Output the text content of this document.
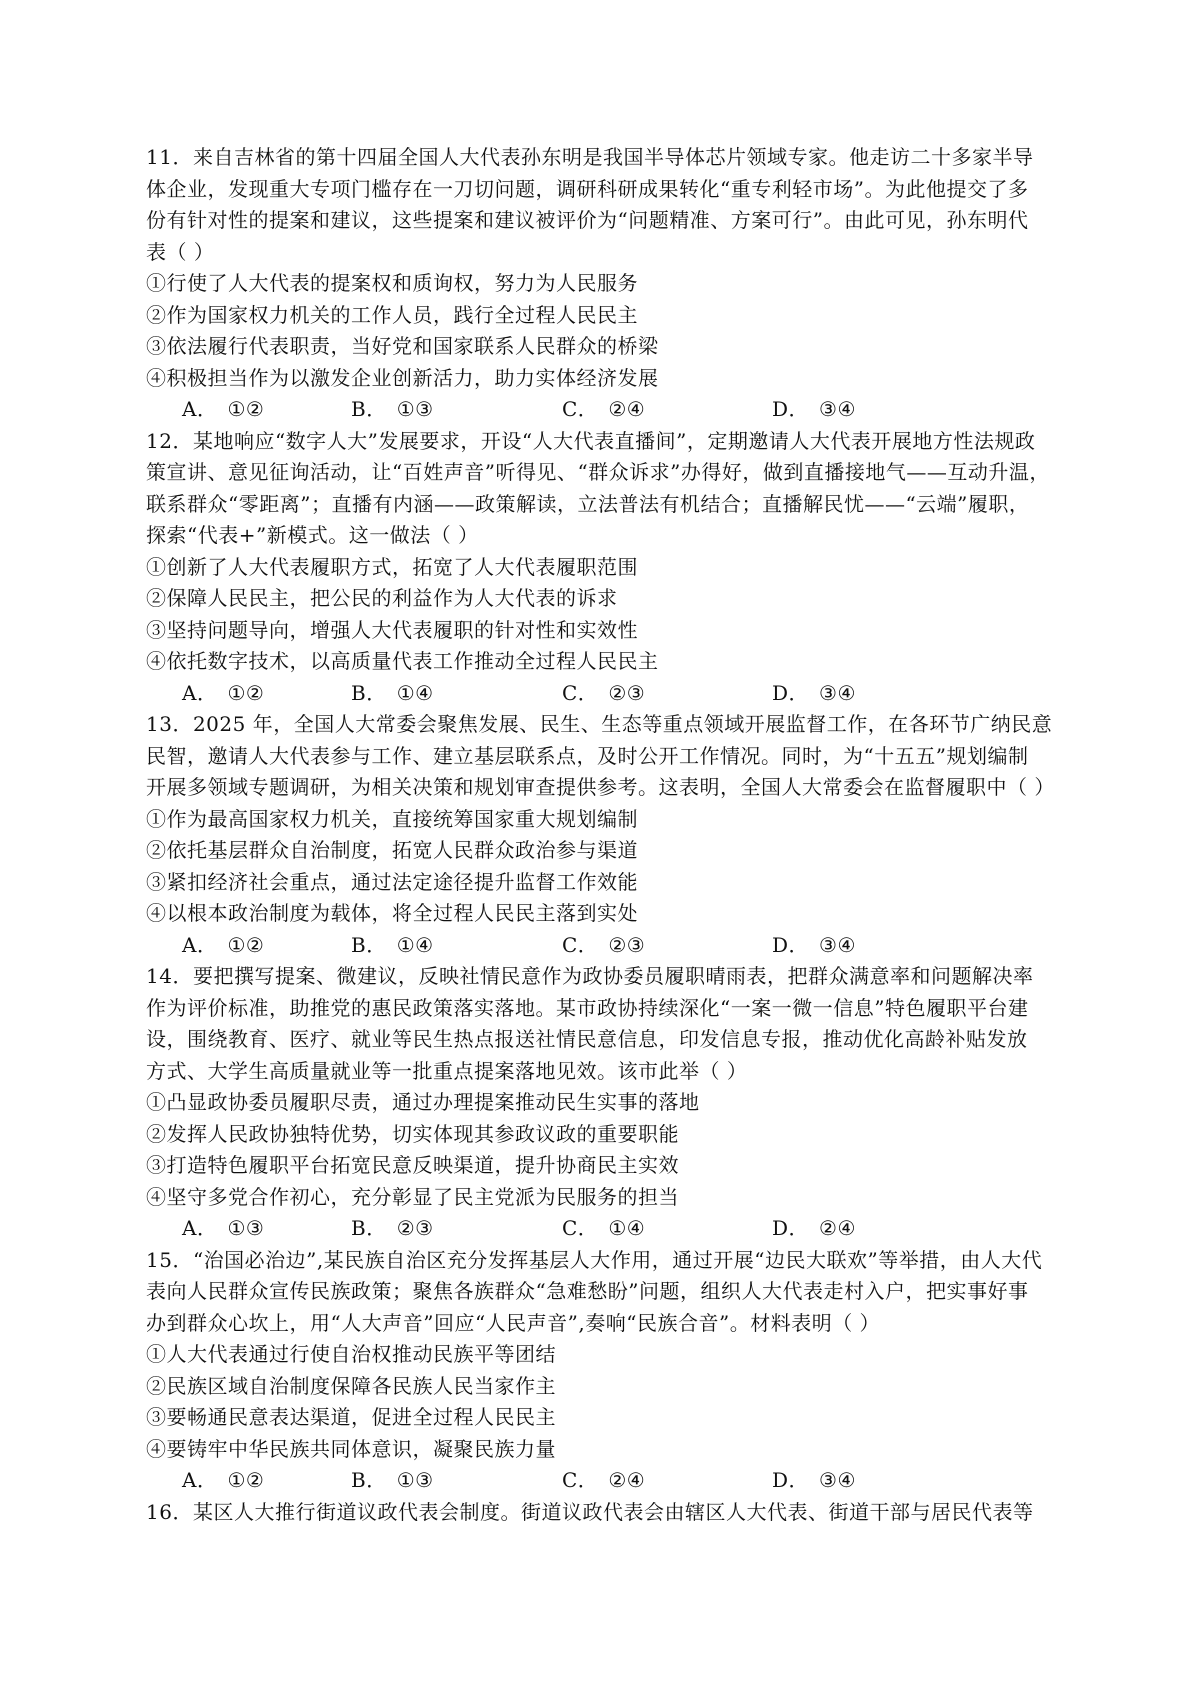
11．来自吉林省的第十四届全国人大代表孙东明是我国半导体芯片领域专家。他走访二十多家半导

体企业，发现重大专项门槛存在一刀切问题，调研科研成果转化“重专利轻市场”。为此他提交了多

份有针对性的提案和建议，这些提案和建议被评价为“问题精准、方案可行”。由此可见，孙东明代

表（ ）

①行使了人大代表的提案权和质询权，努力为人民服务
②作为国家权力机关的工作人员，践行全过程人民民主
③依法履行代表职责，当好党和国家联系人民群众的桥梁
④积极担当作为以激发企业创新活力，助力实体经济发展
A． ①②	B． ①③	C． ②④	D． ③④

12．某地响应“数字人大”发展要求，开设“人大代表直播间”，定期邀请人大代表开展地方性法规政

策宣讲、意见征询活动，让“百姓声音”听得见、“群众诉求”办得好，做到直播接地气——互动升温，

联系群众“零距离”；直播有内涵——政策解读，立法普法有机结合；直播解民忧——“云端”履职，

探索“代表+”新模式。这一做法（ ）

①创新了人大代表履职方式，拓宽了人大代表履职范围
②保障人民民主，把公民的利益作为人大代表的诉求
③坚持问题导向，增强人大代表履职的针对性和实效性
④依托数字技术，以高质量代表工作推动全过程人民民主
A． ①②	B． ①④	C． ②③	D． ③④

13．2025 年，全国人大常委会聚焦发展、民生、生态等重点领域开展监督工作，在各环节广纳民意

民智，邀请人大代表参与工作、建立基层联系点，及时公开工作情况。同时，为“十五五”规划编制

开展多领域专题调研，为相关决策和规划审查提供参考。这表明，全国人大常委会在监督履职中（ ）

①作为最高国家权力机关，直接统筹国家重大规划编制
②依托基层群众自治制度，拓宽人民群众政治参与渠道
③紧扣经济社会重点，通过法定途径提升监督工作效能
④以根本政治制度为载体，将全过程人民民主落到实处
A． ①②	B． ①④	C． ②③	D． ③④

14．要把撰写提案、微建议，反映社情民意作为政协委员履职晴雨表，把群众满意率和问题解决率

作为评价标准，助推党的惠民政策落实落地。某市政协持续深化“一案一微一信息”特色履职平台建

设，围绕教育、医疗、就业等民生热点报送社情民意信息，印发信息专报，推动优化高龄补贴发放

方式、大学生高质量就业等一批重点提案落地见效。该市此举（ ）

①凸显政协委员履职尽责，通过办理提案推动民生实事的落地
②发挥人民政协独特优势，切实体现其参政议政的重要职能
③打造特色履职平台拓宽民意反映渠道，提升协商民主实效
④坚守多党合作初心，充分彰显了民主党派为民服务的担当
A． ①③	B． ②③	C． ①④	D． ②④

15．“治国必治边”,某民族自治区充分发挥基层人大作用，通过开展“边民大联欢”等举措，由人大代

表向人民群众宣传民族政策；聚焦各族群众“急难愁盼”问题，组织人大代表走村入户，把实事好事

办到群众心坎上，用“人大声音”回应“人民声音”,奏响“民族合音”。材料表明（ ）

①人大代表通过行使自治权推动民族平等团结
②民族区域自治制度保障各民族人民当家作主
③要畅通民意表达渠道，促进全过程人民民主
④要铸牢中华民族共同体意识，凝聚民族力量
A． ①②	B． ①③	C． ②④	D． ③④

16．某区人大推行街道议政代表会制度。街道议政代表会由辖区人大代表、街道干部与居民代表等
